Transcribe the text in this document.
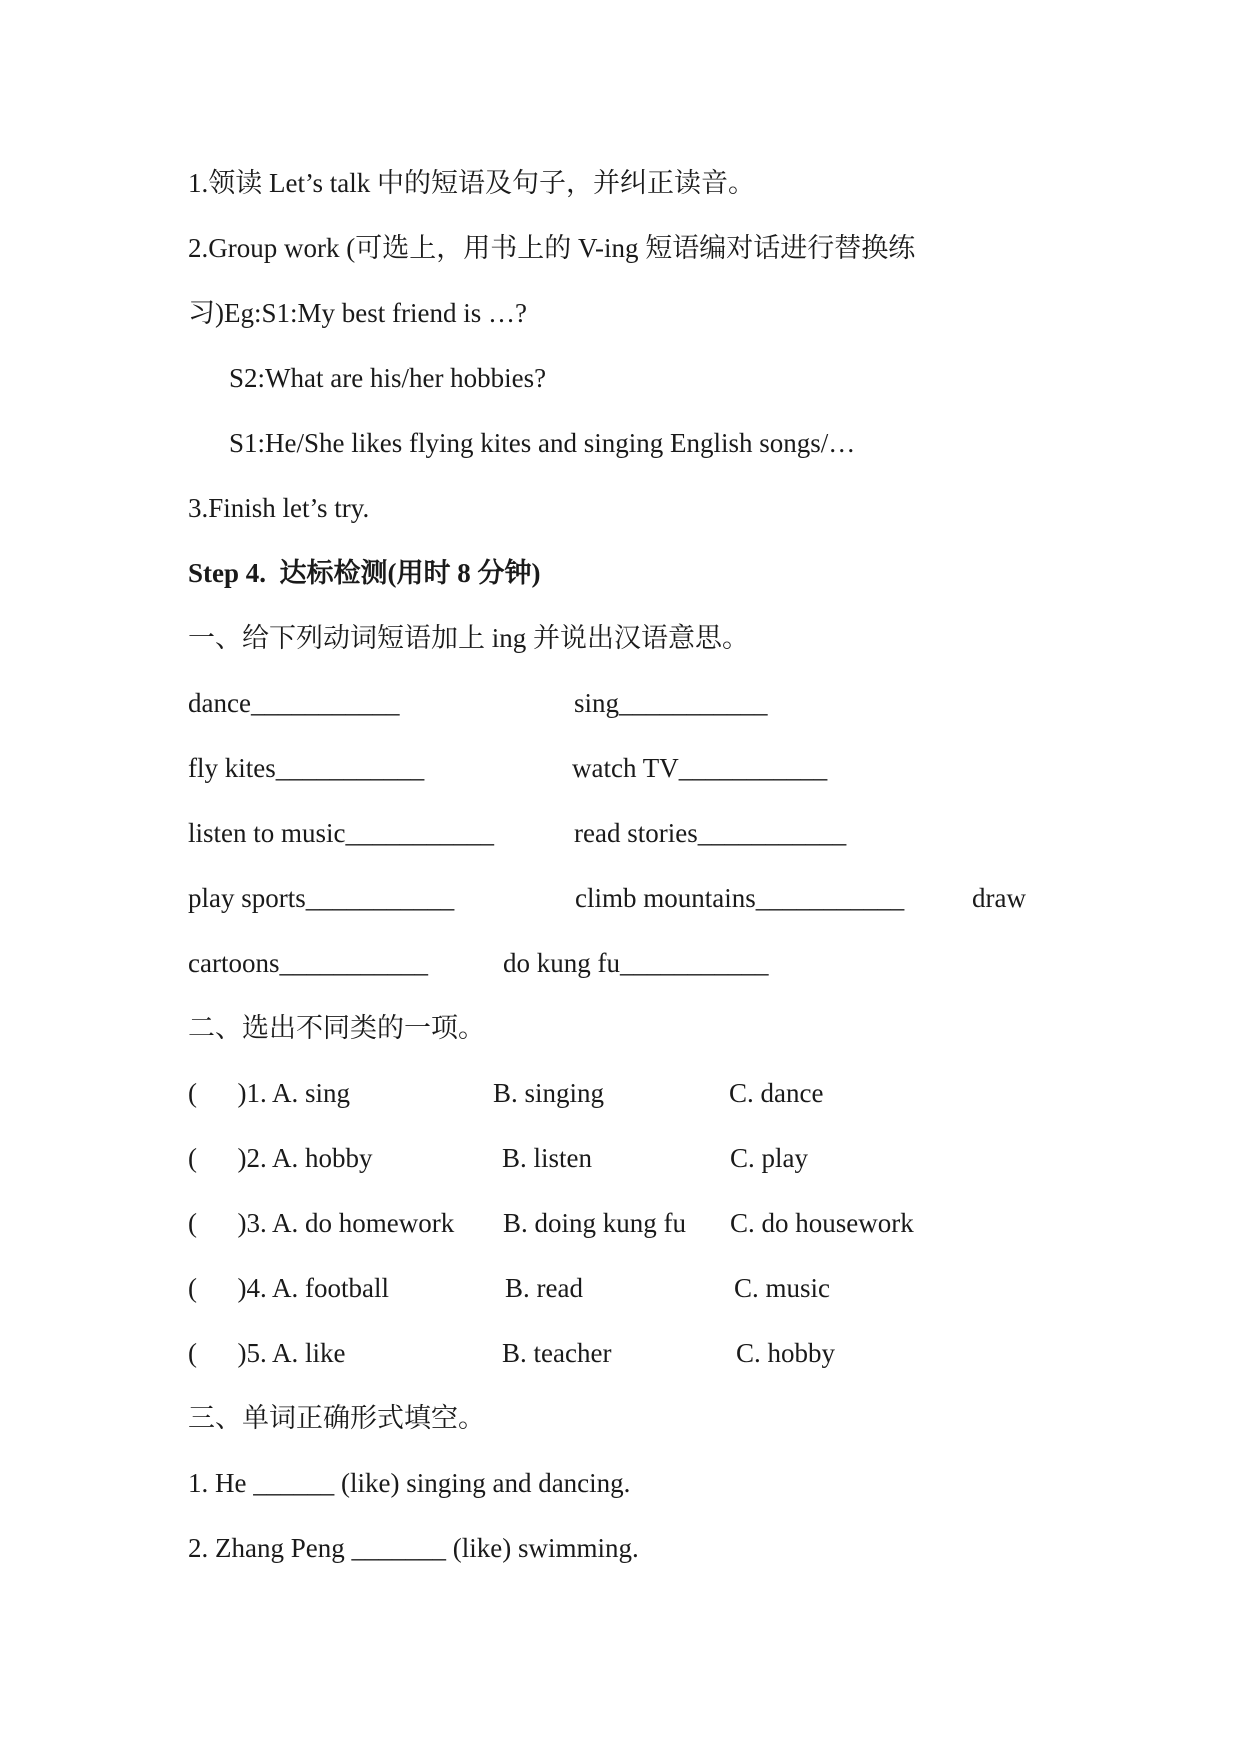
1.领读 Let’s talk 中的短语及句子，并纠正读音。
2.Group work (可选上，用书上的 V-ing 短语编对话进行替换练
习)Eg:S1:My best friend is …?
S2:What are his/her hobbies?
S1:He/She likes flying kites and singing English songs/…
3.Finish let’s try.
Step 4.  达标检测(用时 8 分钟)
一、给下列动词短语加上 ing 并说出汉语意思。
dance___________	sing___________
fly kites___________	watch TV___________
listen to music___________	read stories___________
play sports___________	climb mountains___________	draw
cartoons___________	do kung fu___________
二、选出不同类的一项。
(      )1. A. sing	B. singing	C. dance
(      )2. A. hobby	B. listen	C. play
(      )3. A. do homework B. doing kung fu C. do housework
(      )4. A. football	B. read	C. music
(      )5. A. like	B. teacher	C. hobby
三、单词正确形式填空。
1. He ______ (like) singing and dancing.
2. Zhang Peng _______ (like) swimming.
